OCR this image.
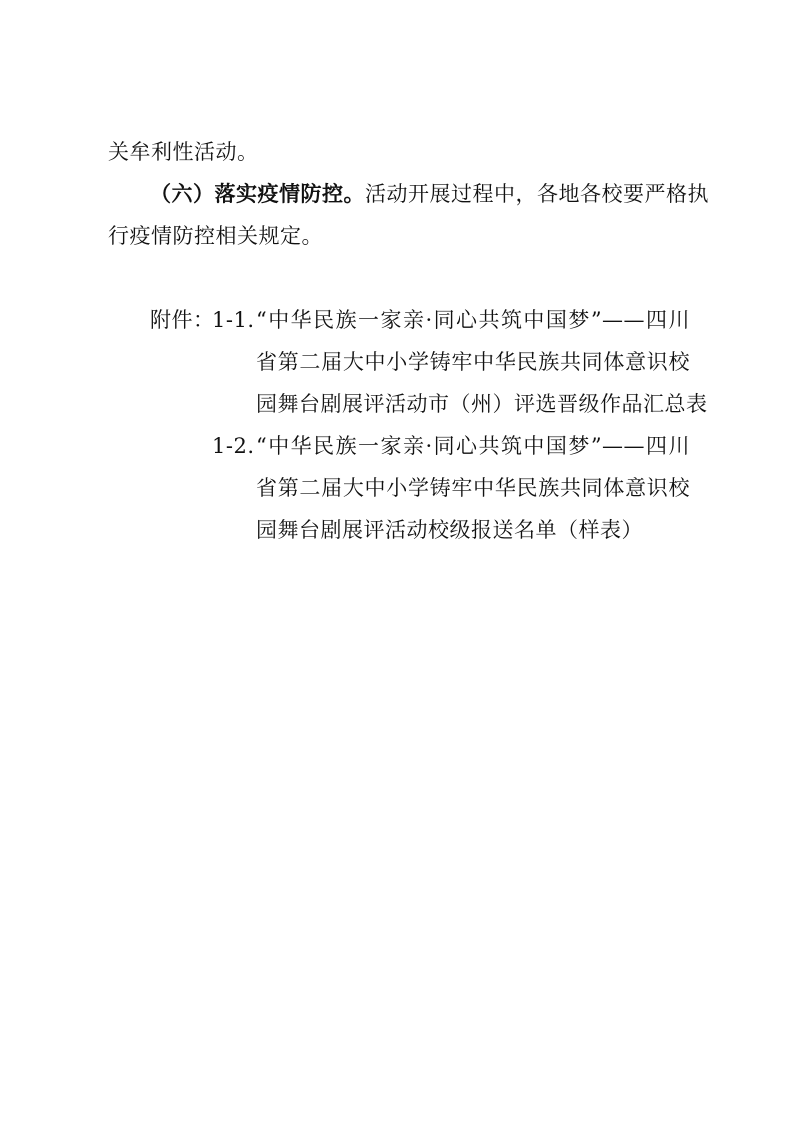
关牟利性活动。
（六）落实疫情防控。活动开展过程中，各地各校要严格执
行疫情防控相关规定。
附件：
1-1. “中华民族一家亲·同心共筑中国梦”——四川
省第二届大中小学铸牢中华民族共同体意识校
园舞台剧展评活动市（州）评选晋级作品汇总表
1-2. “中华民族一家亲·同心共筑中国梦”——四川
省第二届大中小学铸牢中华民族共同体意识校
园舞台剧展评活动校级报送名单（样表）
